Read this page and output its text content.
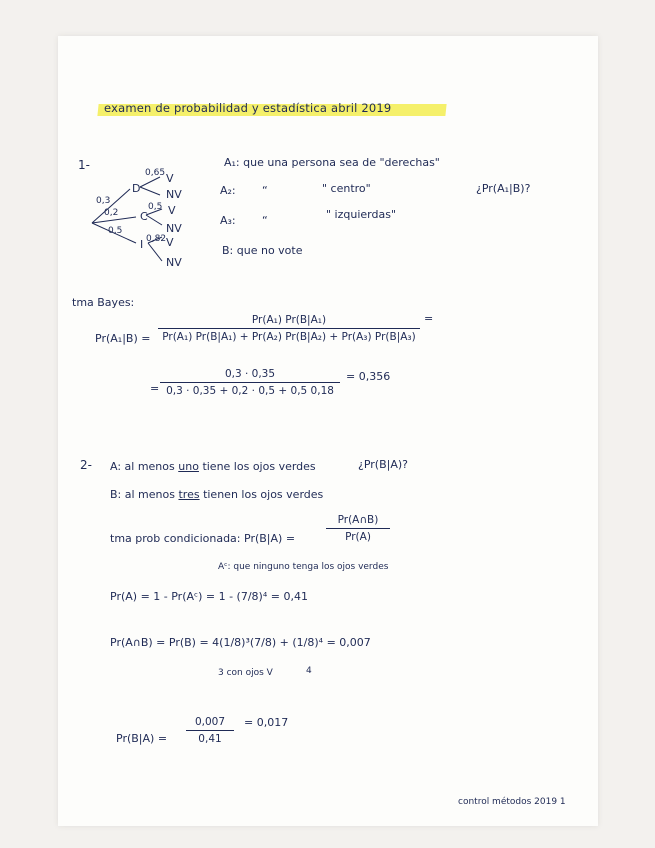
examen de probabilidad y estadística abril 2019
1-
0,3
0,2
0,5
D
C
I
0,65 V
NV
0,5 V
NV
0,82 V
NV
A₁: que una persona sea de "derechas"
A₂: “	" centro"
A₃: “	" izquierdas"
B: que no vote
¿Pr(A₁|B)?
tma Bayes:
Pr(A₁|B) =
Pr(A₁) Pr(B|A₁)
Pr(A₁) Pr(B|A₁) + Pr(A₂) Pr(B|A₂) + Pr(A₃) Pr(B|A₃)
=
=
0,3 · 0,35
0,3 · 0,35 + 0,2 · 0,5 + 0,5 0,18
= 0,356
2- A: al menos uno tiene los ojos verdes	¿Pr(B|A)?
B: al menos tres tienen los ojos verdes
tma prob condicionada: Pr(B|A) =
Pr(A∩B)
Pr(A)
Aᶜ: que ninguno tenga los ojos verdes
Pr(A) = 1 - Pr(Aᶜ) = 1 - (7/8)⁴ = 0,41
Pr(A∩B) = Pr(B) = 4(1/8)³(7/8) + (1/8)⁴ = 0,007
3 con ojos V	4
Pr(B|A) =
0,007
0,41
= 0,017
control métodos 2019 1
